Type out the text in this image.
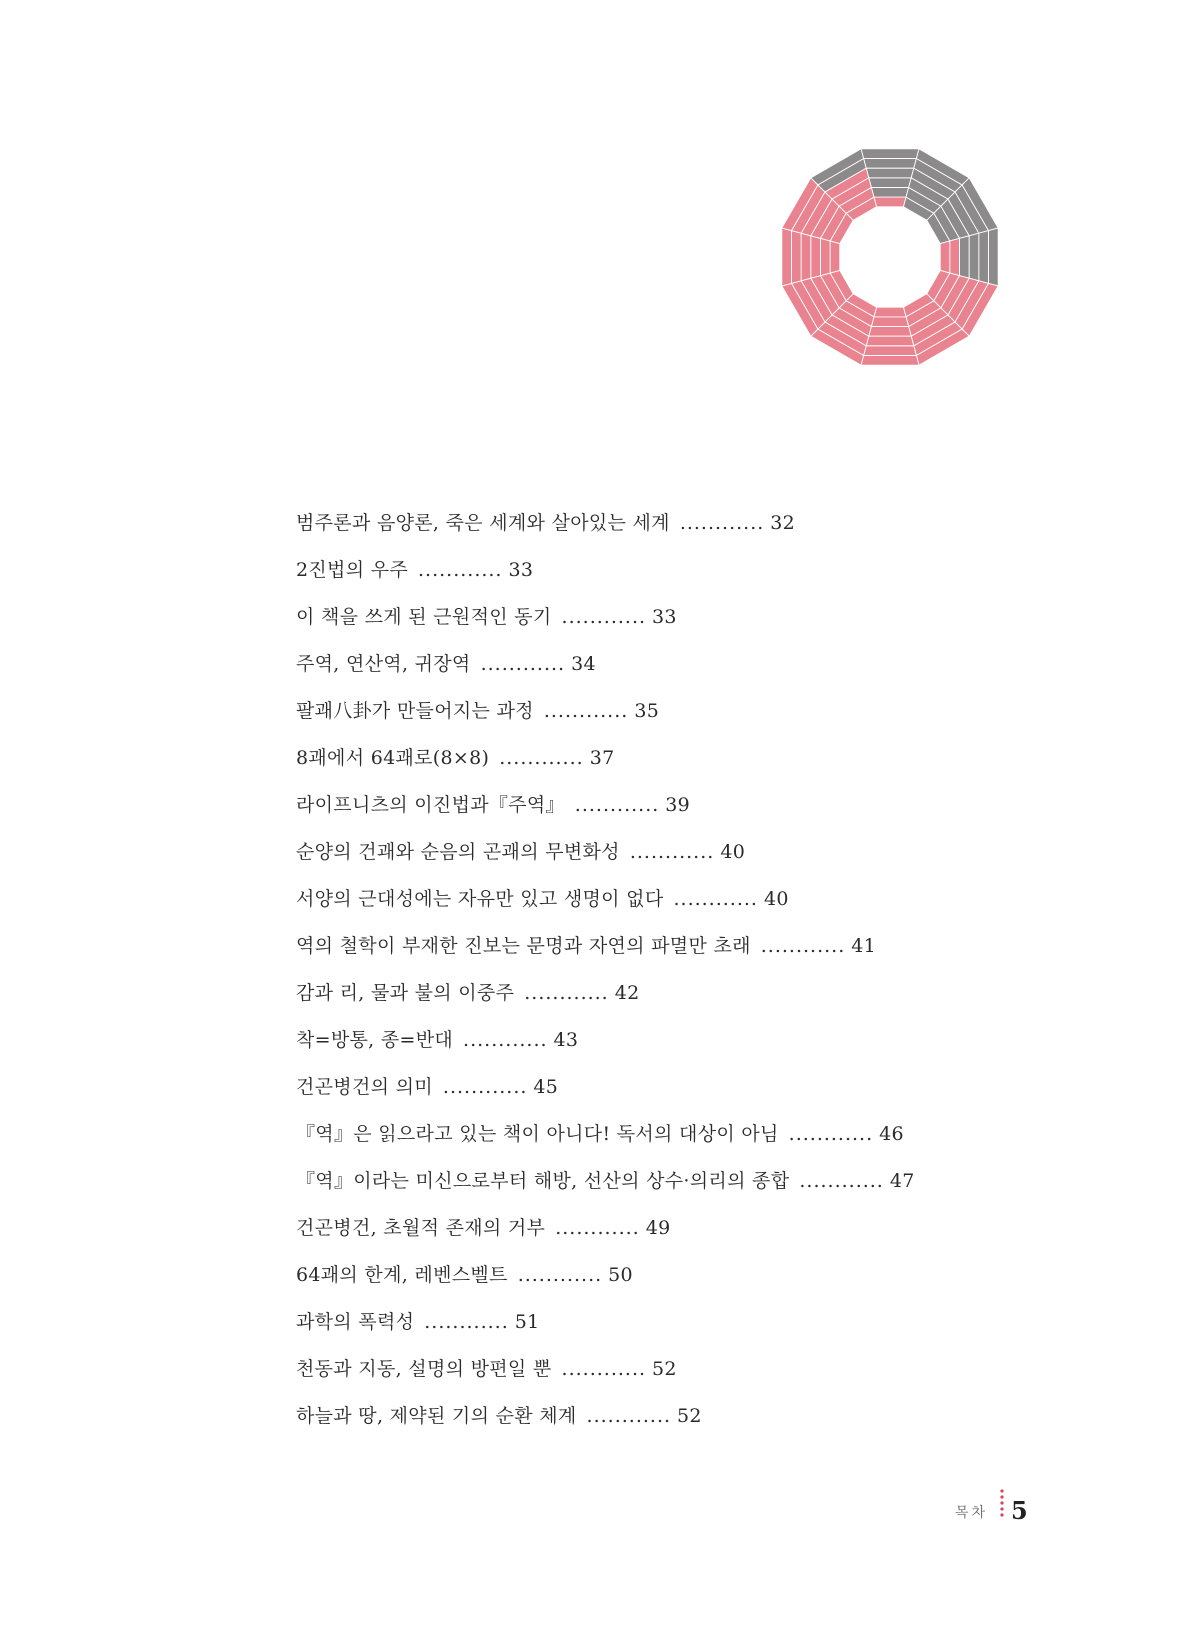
범주론과 음양론, 죽은 세계와 살아있는 세계 ............ 32
2진법의 우주 ............ 33
이 책을 쓰게 된 근원적인 동기 ............ 33
주역, 연산역, 귀장역 ............ 34
팔괘八卦가 만들어지는 과정 ............ 35
8괘에서 64괘로(8×8) ............ 37
라이프니츠의 이진법과『주역』 ............ 39
순양의 건괘와 순음의 곤괘의 무변화성 ............ 40
서양의 근대성에는 자유만 있고 생명이 없다 ............ 40
역의 철학이 부재한 진보는 문명과 자연의 파멸만 초래 ............ 41
감과 리, 물과 불의 이중주 ............ 42
착=방통, 종=반대 ............ 43
건곤병건의 의미 ............ 45
『역』은 읽으라고 있는 책이 아니다! 독서의 대상이 아님 ............ 46
『역』이라는 미신으로부터 해방, 선산의 상수·의리의 종합 ............ 47
건곤병건, 초월적 존재의 거부 ............ 49
64괘의 한계, 레벤스벨트 ............ 50
과학의 폭력성 ............ 51
천동과 지동, 설명의 방편일 뿐 ............ 52
하늘과 땅, 제약된 기의 순환 체계 ............ 52
목차 5
